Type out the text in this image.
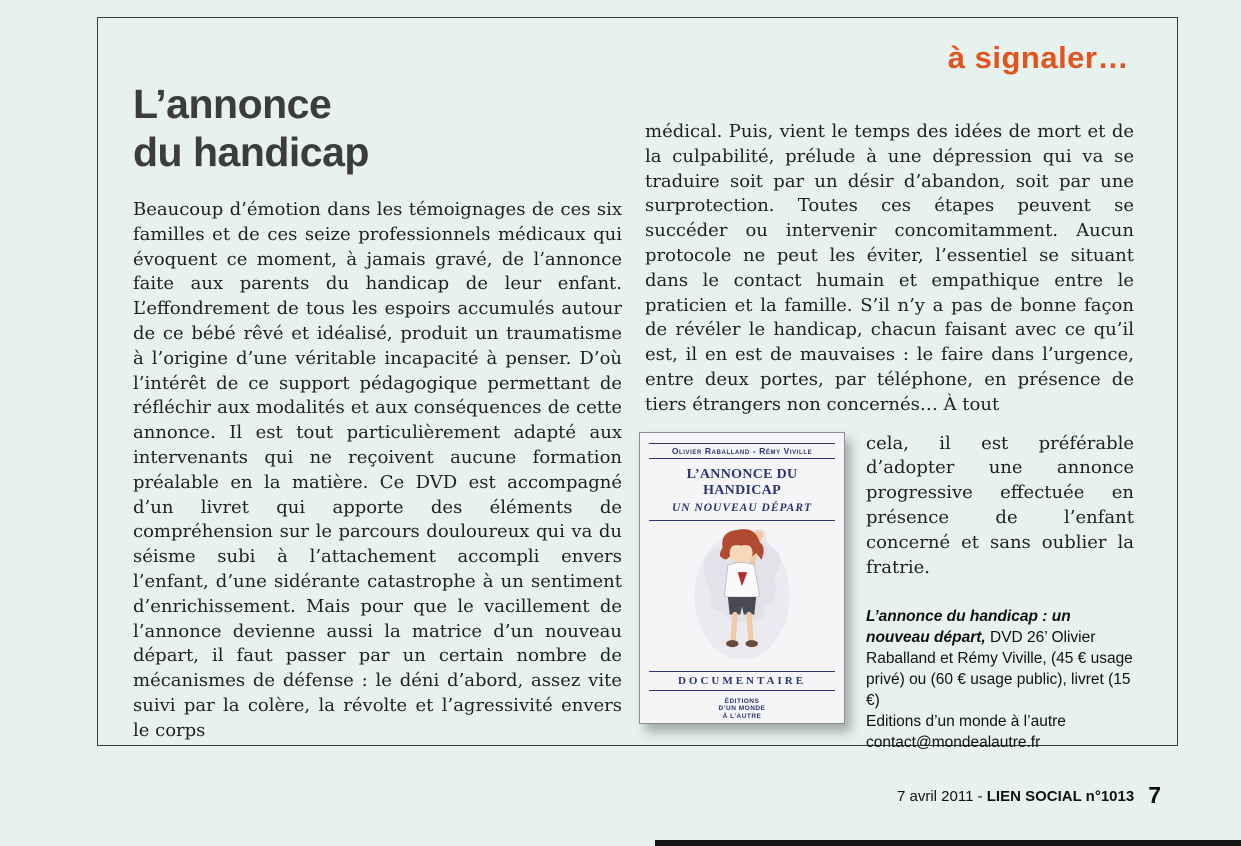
à signaler…
L’annonce
du handicap

Beaucoup d’émotion dans les témoignages de ces six familles et de ces seize professionnels médicaux qui évoquent ce moment, à jamais gravé, de l’annonce faite aux parents du handicap de leur enfant. L’effondrement de tous les espoirs accumulés autour de ce bébé rêvé et idéalisé, produit un traumatisme à l’origine d’une véritable incapacité à penser. D’où l’intérêt de ce support pédagogique permettant de réfléchir aux modalités et aux conséquences de cette annonce. Il est tout particulièrement adapté aux intervenants qui ne reçoivent aucune formation préalable en la matière. Ce DVD est accompagné d’un livret qui apporte des éléments de compréhension sur le parcours douloureux qui va du séisme subi à l’attachement accompli envers l’enfant, d’une sidérante catastrophe à un sentiment d’enrichissement. Mais pour que le vacillement de l’annonce devienne aussi la matrice d’un nouveau départ, il faut passer par un certain nombre de mécanismes de défense : le déni d’abord, assez vite suivi par la colère, la révolte et l’agressivité envers le corps

médical. Puis, vient le temps des idées de mort et de la culpabilité, prélude à une dépression qui va se traduire soit par un désir d’abandon, soit par une surprotection. Toutes ces étapes peuvent se succéder ou intervenir concomitamment. Aucun protocole ne peut les éviter, l’essentiel se situant dans le contact humain et empathique entre le praticien et la famille. S’il n’y a pas de bonne façon de révéler le handicap, chacun faisant avec ce qu’il est, il en est de mauvaises : le faire dans l’urgence, entre deux portes, par téléphone, en présence de tiers étrangers non concernés… À tout

Olivier Raballand - Rémy Viville
L’ANNONCE DU HANDICAP
UN NOUVEAU DÉPART
DOCUMENTAIRE
ÉDITIONS
D’UN MONDE
À L’AUTRE

cela, il est préférable d’adopter une annonce progressive effectuée en présence de l’enfant concerné et sans oublier la fratrie.

L’annonce du handicap : un nouveau départ, DVD 26’ Olivier Raballand et Rémy Viville, (45 € usage privé) ou (60 € usage public), livret (15 €)
Editions d’un monde à l’autre
contact@mondealautre.fr
7 avril 2011 - LIEN SOCIAL n°1013 7
